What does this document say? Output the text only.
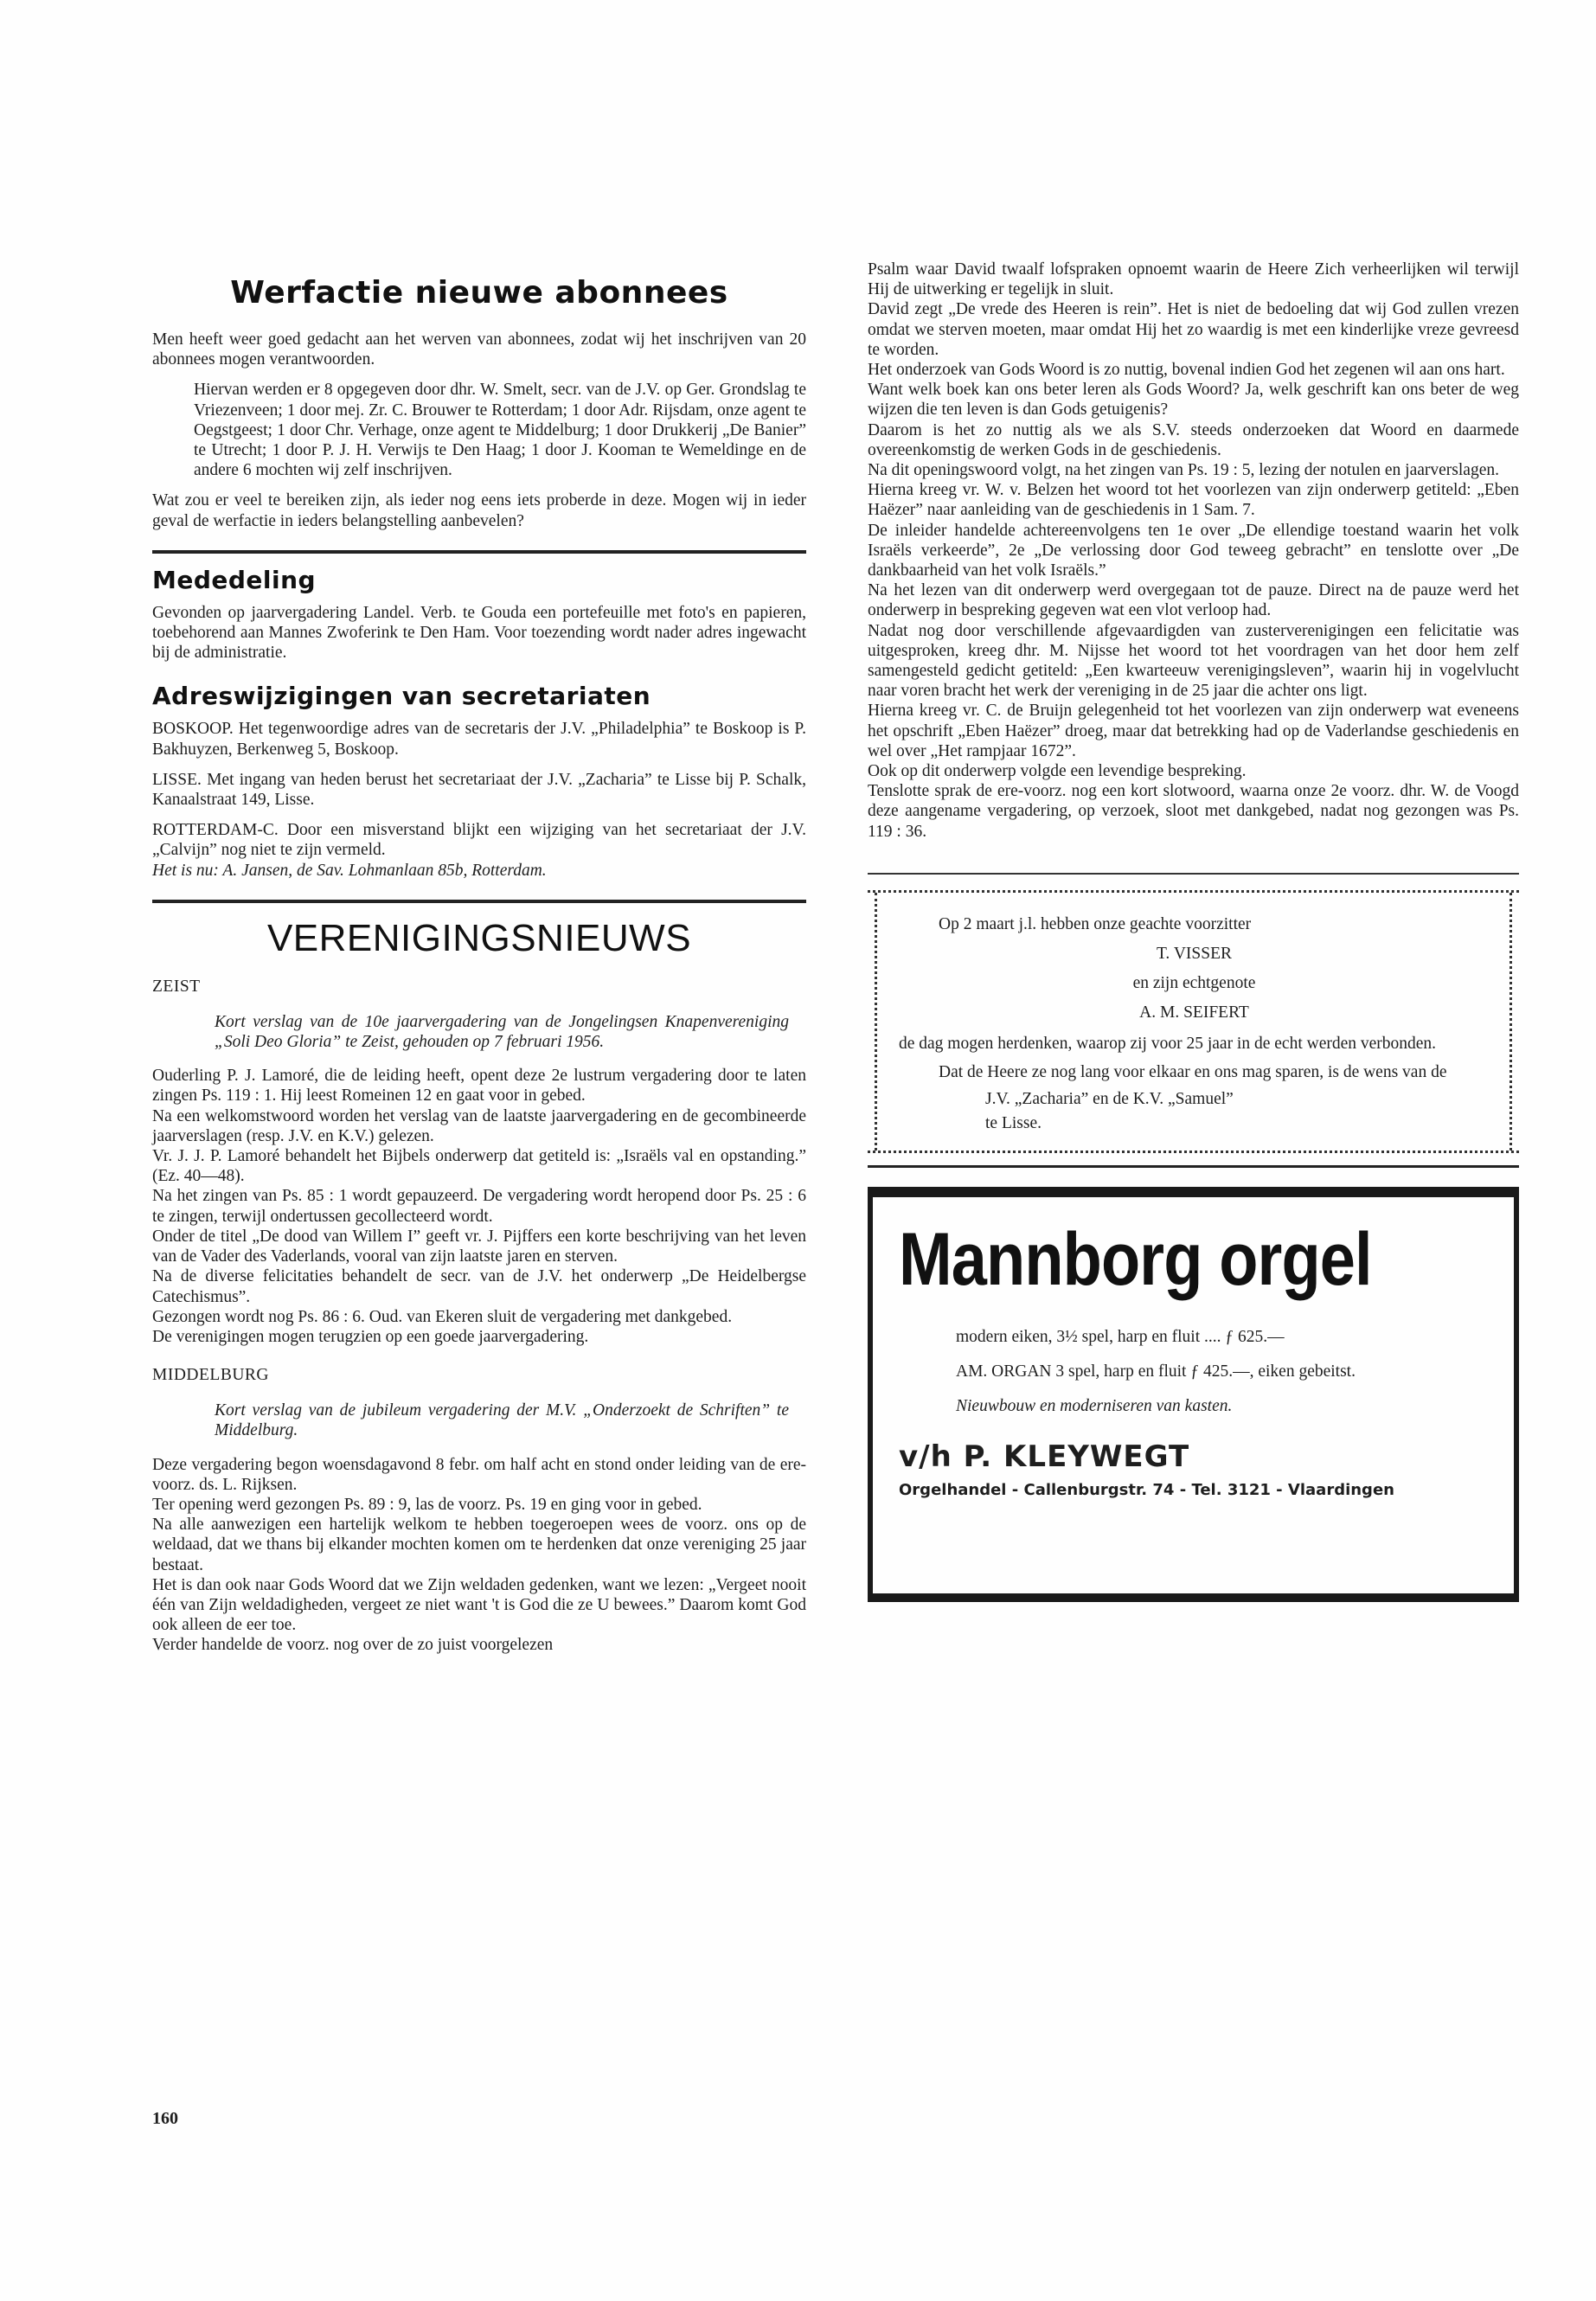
Werfactie nieuwe abonnees

Men heeft weer goed gedacht aan het werven van abonnees, zodat wij het inschrijven van 20 abonnees mogen verantwoorden.

Hiervan werden er 8 opgegeven door dhr. W. Smelt, secr. van de J.V. op Ger. Grondslag te Vriezenveen; 1 door mej. Zr. C. Brouwer te Rotterdam; 1 door Adr. Rijsdam, onze agent te Oegstgeest; 1 door Chr. Verhage, onze agent te Middelburg; 1 door Drukkerij „De Banier” te Utrecht; 1 door P. J. H. Verwijs te Den Haag; 1 door J. Kooman te Wemeldinge en de andere 6 mochten wij zelf inschrijven.

Wat zou er veel te bereiken zijn, als ieder nog eens iets proberde in deze. Mogen wij in ieder geval de werfactie in ieders belangstelling aanbevelen?

Mededeling

Gevonden op jaarvergadering Landel. Verb. te Gouda een portefeuille met foto's en papieren, toebehorend aan Mannes Zwoferink te Den Ham. Voor toezending wordt nader adres ingewacht bij de administratie.

Adreswijzigingen van secretariaten

BOSKOOP. Het tegenwoordige adres van de secretaris der J.V. „Philadelphia” te Boskoop is P. Bakhuyzen, Berkenweg 5, Boskoop.

LISSE. Met ingang van heden berust het secretariaat der J.V. „Zacharia” te Lisse bij P. Schalk, Kanaalstraat 149, Lisse.

ROTTERDAM-C. Door een misverstand blijkt een wijziging van het secretariaat der J.V. „Calvijn” nog niet te zijn vermeld.

Het is nu: A. Jansen, de Sav. Lohmanlaan 85b, Rotterdam.

VERENIGINGSNIEUWS
ZEIST
Kort verslag van de 10e jaarvergadering van de Jongelingsen Knapenvereniging „Soli Deo Gloria” te Zeist, gehouden op 7 februari 1956.

Ouderling P. J. Lamoré, die de leiding heeft, opent deze 2e lustrum vergadering door te laten zingen Ps. 119 : 1. Hij leest Romeinen 12 en gaat voor in gebed.

Na een welkomstwoord worden het verslag van de laatste jaarvergadering en de gecombineerde jaarverslagen (resp. J.V. en K.V.) gelezen.

Vr. J. J. P. Lamoré behandelt het Bijbels onderwerp dat getiteld is: „Israëls val en opstanding.” (Ez. 40—48).

Na het zingen van Ps. 85 : 1 wordt gepauzeerd. De vergadering wordt heropend door Ps. 25 : 6 te zingen, terwijl ondertussen gecollecteerd wordt.

Onder de titel „De dood van Willem I” geeft vr. J. Pijffers een korte beschrijving van het leven van de Vader des Vaderlands, vooral van zijn laatste jaren en sterven.

Na de diverse felicitaties behandelt de secr. van de J.V. het onderwerp „De Heidelbergse Catechismus”.

Gezongen wordt nog Ps. 86 : 6. Oud. van Ekeren sluit de vergadering met dankgebed.

De verenigingen mogen terugzien op een goede jaarvergadering.

MIDDELBURG
Kort verslag van de jubileum vergadering der M.V. „Onderzoekt de Schriften” te Middelburg.

Deze vergadering begon woensdagavond 8 febr. om half acht en stond onder leiding van de ere-voorz. ds. L. Rijksen.

Ter opening werd gezongen Ps. 89 : 9, las de voorz. Ps. 19 en ging voor in gebed.

Na alle aanwezigen een hartelijk welkom te hebben toegeroepen wees de voorz. ons op de weldaad, dat we thans bij elkander mochten komen om te herdenken dat onze vereniging 25 jaar bestaat.

Het is dan ook naar Gods Woord dat we Zijn weldaden gedenken, want we lezen: „Vergeet nooit één van Zijn weldadigheden, vergeet ze niet want 't is God die ze U bewees.” Daarom komt God ook alleen de eer toe.

Verder handelde de voorz. nog over de zo juist voorgelezen

160

Psalm waar David twaalf lofspraken opnoemt waarin de Heere Zich verheerlijken wil terwijl Hij de uitwerking er tegelijk in sluit.

David zegt „De vrede des Heeren is rein”. Het is niet de bedoeling dat wij God zullen vrezen omdat we sterven moeten, maar omdat Hij het zo waardig is met een kinderlijke vreze gevreesd te worden.

Het onderzoek van Gods Woord is zo nuttig, bovenal indien God het zegenen wil aan ons hart.

Want welk boek kan ons beter leren als Gods Woord? Ja, welk geschrift kan ons beter de weg wijzen die ten leven is dan Gods getuigenis?

Daarom is het zo nuttig als we als S.V. steeds onderzoeken dat Woord en daarmede overeenkomstig de werken Gods in de geschiedenis.

Na dit openingswoord volgt, na het zingen van Ps. 19 : 5, lezing der notulen en jaarverslagen.

Hierna kreeg vr. W. v. Belzen het woord tot het voorlezen van zijn onderwerp getiteld: „Eben Haëzer” naar aanleiding van de geschiedenis in 1 Sam. 7.

De inleider handelde achtereenvolgens ten 1e over „De ellendige toestand waarin het volk Israëls verkeerde”, 2e „De verlossing door God teweeg gebracht” en tenslotte over „De dankbaarheid van het volk Israëls.”

Na het lezen van dit onderwerp werd overgegaan tot de pauze. Direct na de pauze werd het onderwerp in bespreking gegeven wat een vlot verloop had.

Nadat nog door verschillende afgevaardigden van zusterverenigingen een felicitatie was uitgesproken, kreeg dhr. M. Nijsse het woord tot het voordragen van het door hem zelf samengesteld gedicht getiteld: „Een kwarteeuw verenigingsleven”, waarin hij in vogelvlucht naar voren bracht het werk der vereniging in de 25 jaar die achter ons ligt.

Hierna kreeg vr. C. de Bruijn gelegenheid tot het voorlezen van zijn onderwerp wat eveneens het opschrift „Eben Haëzer” droeg, maar dat betrekking had op de Vaderlandse geschiedenis en wel over „Het rampjaar 1672”.

Ook op dit onderwerp volgde een levendige bespreking.

Tenslotte sprak de ere-voorz. nog een kort slotwoord, waarna onze 2e voorz. dhr. W. de Voogd deze aangename vergadering, op verzoek, sloot met dankgebed, nadat nog gezongen was Ps. 119 : 36.

Op 2 maart j.l. hebben onze geachte voorzitter
T. VISSER
en zijn echtgenote
A. M. SEIFERT
de dag mogen herdenken, waarop zij voor 25 jaar in de echt werden verbonden.
Dat de Heere ze nog lang voor elkaar en ons mag sparen, is de wens van de
J.V. „Zacharia” en de K.V. „Samuel”
te Lisse.
Mannborg orgel
modern eiken, 3½ spel, harp en fluit .... ƒ 625.—
AM. ORGAN 3 spel, harp en fluit ƒ 425.—, eiken gebeitst.
Nieuwbouw en moderniseren van kasten.
v/h P. KLEYWEGT
Orgelhandel - Callenburgstr. 74 - Tel. 3121 - Vlaardingen
